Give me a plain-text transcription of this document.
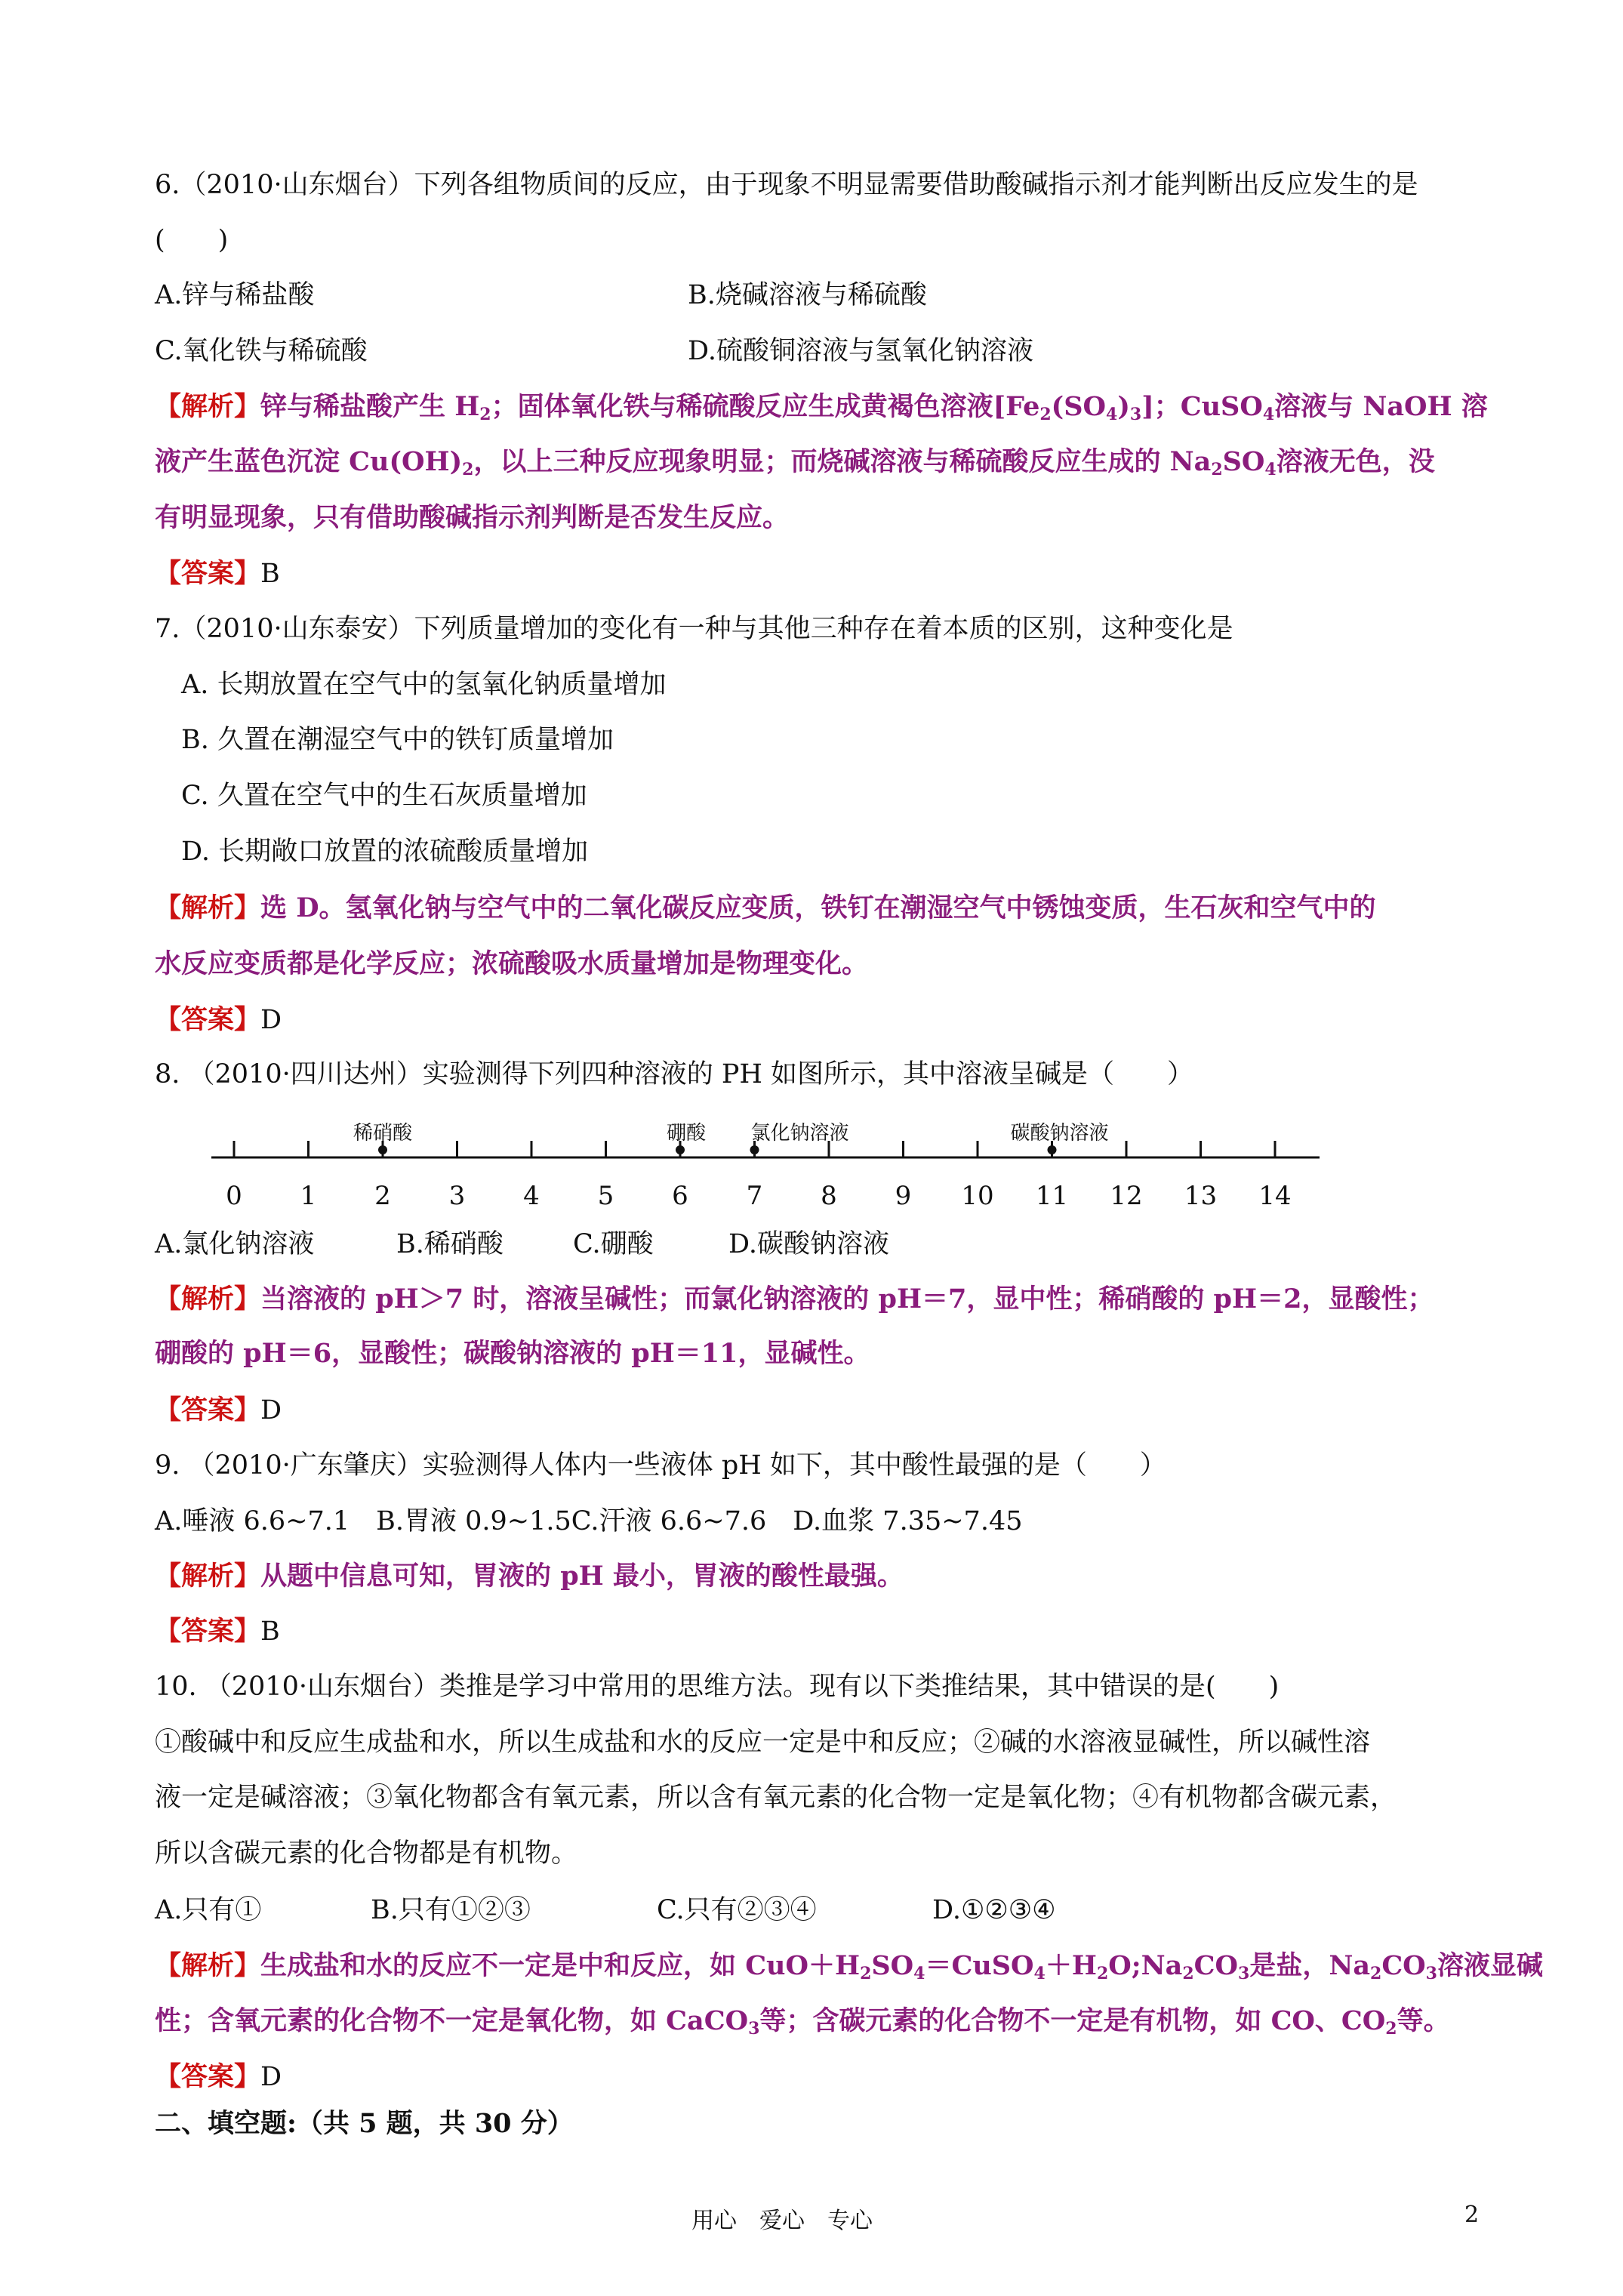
6.（2010·山东烟台）下列各组物质间的反应，由于现象不明显需要借助酸碱指示剂才能判断出反应发生的是
(　　)
A.锌与稀盐酸	B.烧碱溶液与稀硫酸
C.氧化铁与稀硫酸	D.硫酸铜溶液与氢氧化钠溶液
【解析】锌与稀盐酸产生 $H_2$；固体氧化铁与稀硫酸反应生成黄褐色溶液$[Fe_2(SO_4)_3]$；CuSO$_4$溶液与 NaOH 溶
液产生蓝色沉淀 $Cu(OH)_2$，以上三种反应现象明显；而烧碱溶液与稀硫酸反应生成的 $Na_2SO_4$溶液无色，没
有明显现象，只有借助酸碱指示剂判断是否发生反应。
【答案】B
7.（2010·山东泰安）下列质量增加的变化有一种与其他三种存在着本质的区别，这种变化是
A. 长期放置在空气中的氢氧化钠质量增加
B. 久置在潮湿空气中的铁钉质量增加
C. 久置在空气中的生石灰质量增加
D. 长期敞口放置的浓硫酸质量增加
【解析】选 D。氢氧化钠与空气中的二氧化碳反应变质，铁钉在潮湿空气中锈蚀变质，生石灰和空气中的
水反应变质都是化学反应；浓硫酸吸水质量增加是物理变化。
【答案】D
8. （2010·四川达州）实验测得下列四种溶液的 PH 如图所示，其中溶液呈碱是（　　）
0 1 2 3 4 5 6 7 8 9 10 11 12 13 14
稀硝酸	硼酸 氯化钠溶液	碳酸钠溶液
A.氯化钠溶液	B.稀硝酸	C.硼酸	D.碳酸钠溶液
【解析】当溶液的 pH＞7 时，溶液呈碱性；而氯化钠溶液的 pH＝7，显中性；稀硝酸的 pH＝2，显酸性；
硼酸的 pH＝6，显酸性；碳酸钠溶液的 pH＝11，显碱性。
【答案】D
9. （2010·广东肇庆）实验测得人体内一些液体 pH 如下，其中酸性最强的是（　　）
A.唾液 6.6~7.1　B.胃液 0.9~1.5C.汗液 6.6~7.6　D.血浆 7.35~7.45
【解析】从题中信息可知，胃液的 pH 最小，胃液的酸性最强。
【答案】B
10. （2010·山东烟台）类推是学习中常用的思维方法。现有以下类推结果，其中错误的是(　　)
①酸碱中和反应生成盐和水，所以生成盐和水的反应一定是中和反应；②碱的水溶液显碱性，所以碱性溶
液一定是碱溶液；③氧化物都含有氧元素，所以含有氧元素的化合物一定是氧化物；④有机物都含碳元素，
所以含碳元素的化合物都是有机物。
A.只有①	B.只有①②③	C.只有②③④	D.①②③④
【解析】生成盐和水的反应不一定是中和反应，如 $CuO+H_2SO_4=CuSO_4+H_2O;Na_2CO_3$是盐，$Na_2CO_3$溶液显碱
性；含氧元素的化合物不一定是氧化物，如 CaCO$_3$等；含碳元素的化合物不一定是有机物，如 CO、$CO_2$等。
【答案】D
二、填空题:（共 5 题，共 30 分）
用心　爱心　专心	2
